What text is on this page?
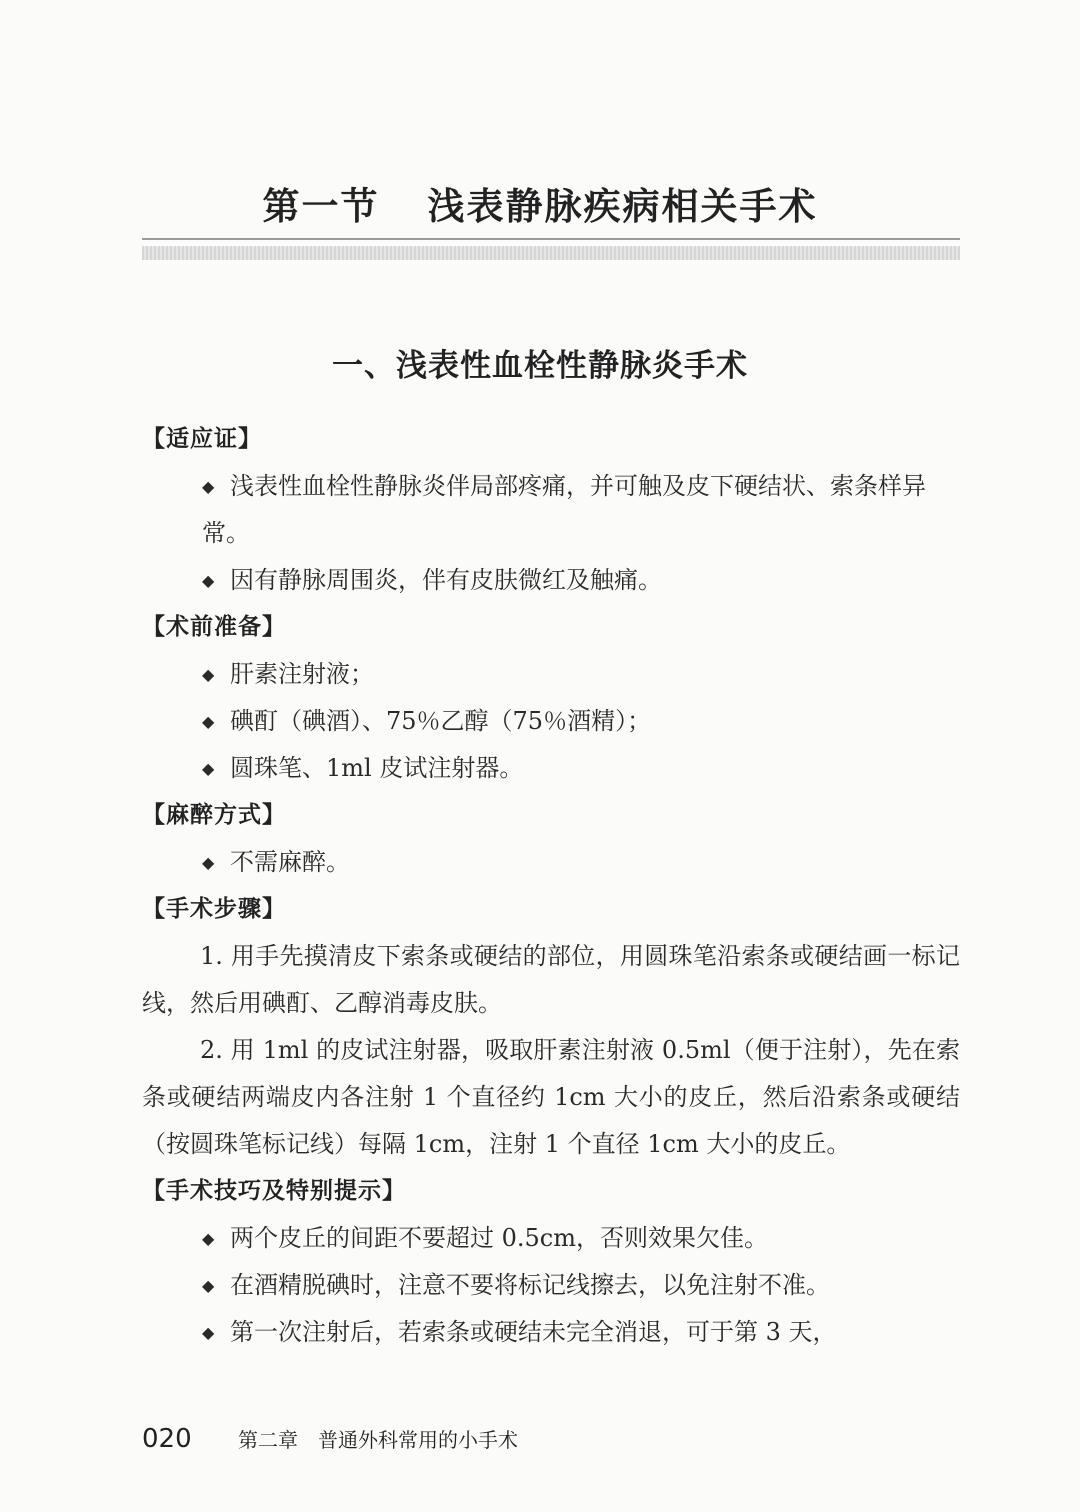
第一节 浅表静脉疾病相关手术
一、浅表性血栓性静脉炎手术
【适应证】
◆ 浅表性血栓性静脉炎伴局部疼痛，并可触及皮下硬结状、索条样异常。
◆ 因有静脉周围炎，伴有皮肤微红及触痛。
【术前准备】
◆ 肝素注射液；
◆ 碘酊（碘酒）、75％乙醇（75％酒精）；
◆ 圆珠笔、1ml 皮试注射器。
【麻醉方式】
◆ 不需麻醉。
【手术步骤】
1. 用手先摸清皮下索条或硬结的部位，用圆珠笔沿索条或硬结画一标记线，然后用碘酊、乙醇消毒皮肤。
2. 用 1ml 的皮试注射器，吸取肝素注射液 0.5ml（便于注射），先在索条或硬结两端皮内各注射 1 个直径约 1cm 大小的皮丘，然后沿索条或硬结（按圆珠笔标记线）每隔 1cm，注射 1 个直径 1cm 大小的皮丘。
【手术技巧及特别提示】
◆ 两个皮丘的间距不要超过 0.5cm，否则效果欠佳。
◆ 在酒精脱碘时，注意不要将标记线擦去，以免注射不准。
◆ 第一次注射后，若索条或硬结未完全消退，可于第 3 天，
020 第二章　普通外科常用的小手术
